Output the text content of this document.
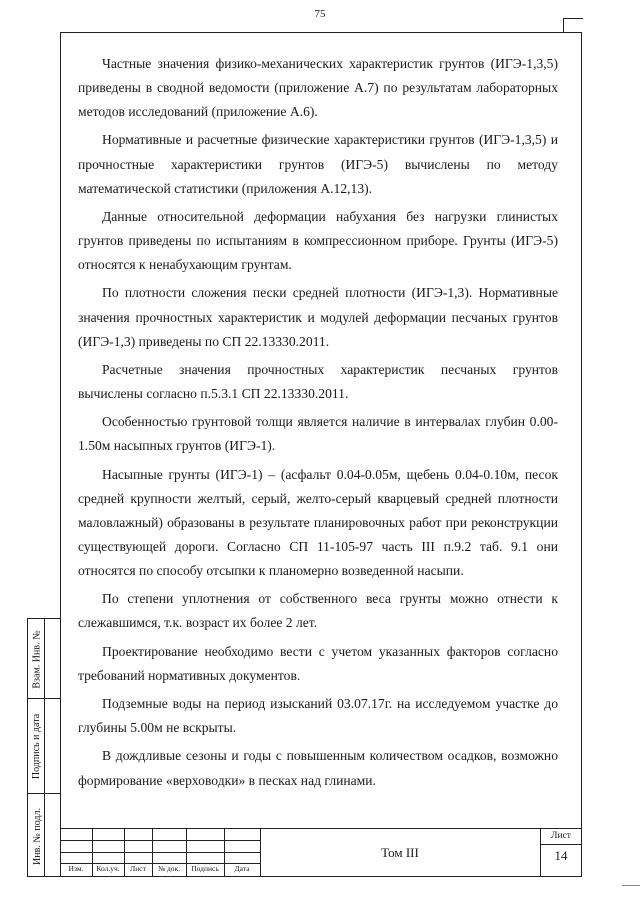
75

Частные значения физико-механических характеристик грунтов (ИГЭ-1,3,5) приведены в сводной ведомости (приложение А.7) по результатам лабораторных методов исследований (приложение А.6).

Нормативные и расчетные физические характеристики грунтов (ИГЭ-1,3,5) и прочностные характеристики грунтов (ИГЭ-5) вычислены по методу математической статистики (приложения А.12,13).

Данные относительной деформации набухания без нагрузки глинистых грунтов приведены по испытаниям в компрессионном приборе. Грунты (ИГЭ-5) относятся к ненабухающим грунтам.

По плотности сложения пески средней плотности (ИГЭ-1,3). Нормативные значения прочностных характеристик и модулей деформации песчаных грунтов (ИГЭ-1,3) приведены по СП 22.13330.2011.

Расчетные значения прочностных характеристик песчаных грунтов вычислены согласно п.5.3.1 СП 22.13330.2011.

Особенностью грунтовой толщи является наличие в интервалах глубин 0.00-1.50м насыпных грунтов (ИГЭ-1).

Насыпные грунты (ИГЭ-1) – (асфальт 0.04-0.05м, щебень 0.04-0.10м, песок средней крупности желтый, серый, желто-серый кварцевый средней плотности маловлажный) образованы в результате планировочных работ при реконструкции существующей дороги. Согласно СП 11-105-97 часть III п.9.2 таб. 9.1 они относятся по способу отсыпки к планомерно возведенной насыпи.

По степени уплотнения от собственного веса грунты можно отнести к слежавшимся, т.к. возраст их более 2 лет.

Проектирование необходимо вести с учетом указанных факторов согласно требований нормативных документов.

Подземные воды на период изысканий 03.07.17г. на исследуемом участке до глубины 5.00м не вскрыты.

В дождливые сезоны и годы с повышенным количеством осадков, возможно формирование «верховодки» в песках над глинами.

Взам. Инв. №
Подпись и дата
Инв. № подл.
Изм.	Кол.уч.	Лист	№ док.	Подпись	Дата
Том III
Лист
14
